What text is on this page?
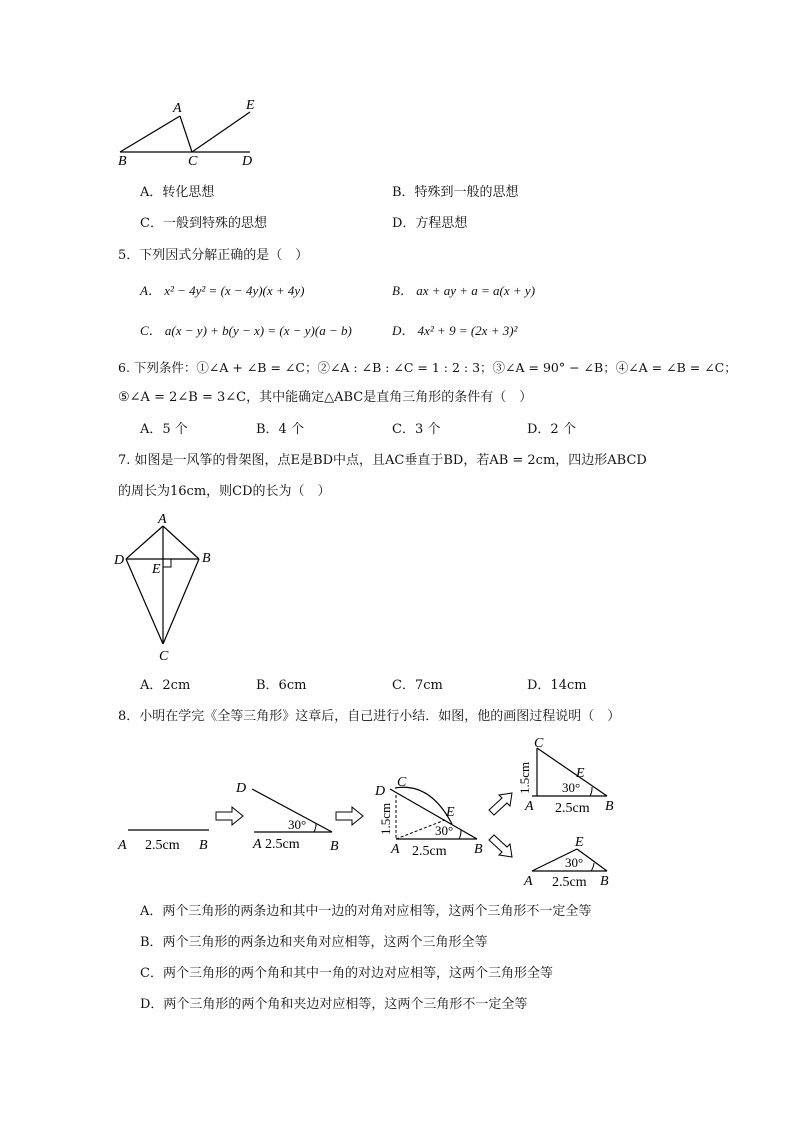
A	E
B	C	D
A．转化思想	B．特殊到一般的思想
C．一般到特殊的思想	D．方程思想
5．下列因式分解正确的是（　）
A． x² − 4y² = (x − 4y)(x + 4y)	B． ax + ay + a = a(x + y)
C． a(x − y) + b(y − x) = (x − y)(a − b)	D． 4x² + 9 = (2x + 3)²
6. 下列条件：①∠A + ∠B = ∠C；②∠A : ∠B : ∠C = 1 : 2 : 3；③∠A = 90° − ∠B；④∠A = ∠B = ∠C；
⑤∠A = 2∠B = 3∠C，其中能确定△ABC是直角三角形的条件有（　）
A．5 个	B．4 个	C．3 个	D．2 个
7. 如图是一风筝的骨架图，点E是BD中点，且AC垂直于BD，若AB = 2cm，四边形ABCD
的周长为16cm，则CD的长为（　）
A
D	B
E
C
A．2cm	B．6cm	C．7cm	D．14cm
8．小明在学完《全等三角形》这章后，自己进行小结．如图，他的画图过程说明（　）
A 2.5cm B
D
30°
A 2.5cm B
C
D
E
30°
1.5cm
A 2.5cm B
C
E
30°
1.5cm
A 2.5cm B
E
30°
A 2.5cm B
A．两个三角形的两条边和其中一边的对角对应相等，这两个三角形不一定全等
B．两个三角形的两条边和夹角对应相等，这两个三角形全等
C．两个三角形的两个角和其中一角的对边对应相等，这两个三角形全等
D．两个三角形的两个角和夹边对应相等，这两个三角形不一定全等
